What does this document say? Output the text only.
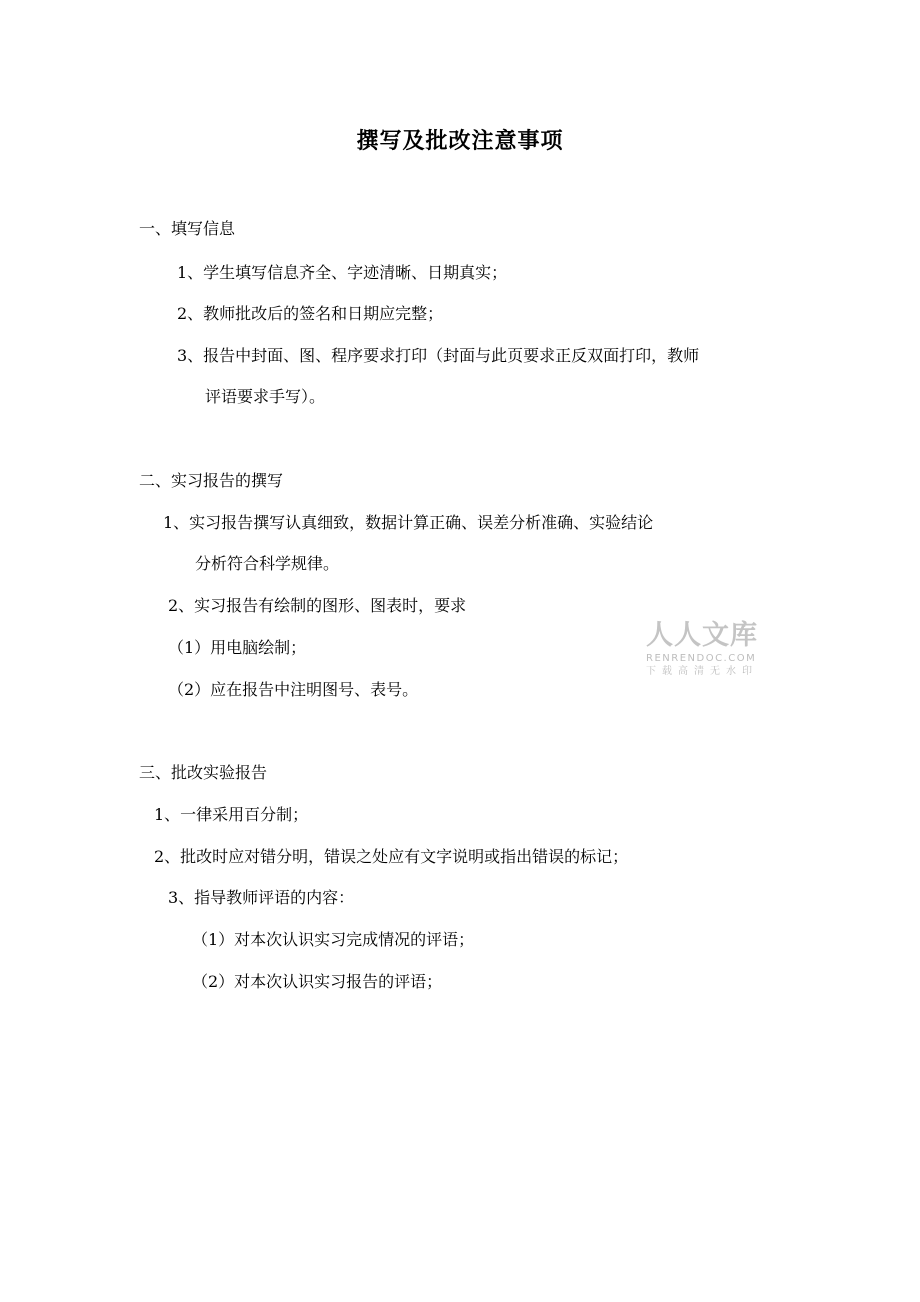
撰写及批改注意事项
一、填写信息
1、学生填写信息齐全、字迹清晰、日期真实；
2、教师批改后的签名和日期应完整；
3、报告中封面、图、程序要求打印（封面与此页要求正反双面打印，教师
评语要求手写）。
二、实习报告的撰写
1、实习报告撰写认真细致，数据计算正确、误差分析准确、实验结论
分析符合科学规律。
2、实习报告有绘制的图形、图表时，要求
（1）用电脑绘制；
（2）应在报告中注明图号、表号。
三、批改实验报告
1、一律采用百分制；
2、批改时应对错分明，错误之处应有文字说明或指出错误的标记；
3、指导教师评语的内容：
（1）对本次认识实习完成情况的评语；
（2）对本次认识实习报告的评语；
人人文库
RENRENDOC.COM
下载高清无水印
